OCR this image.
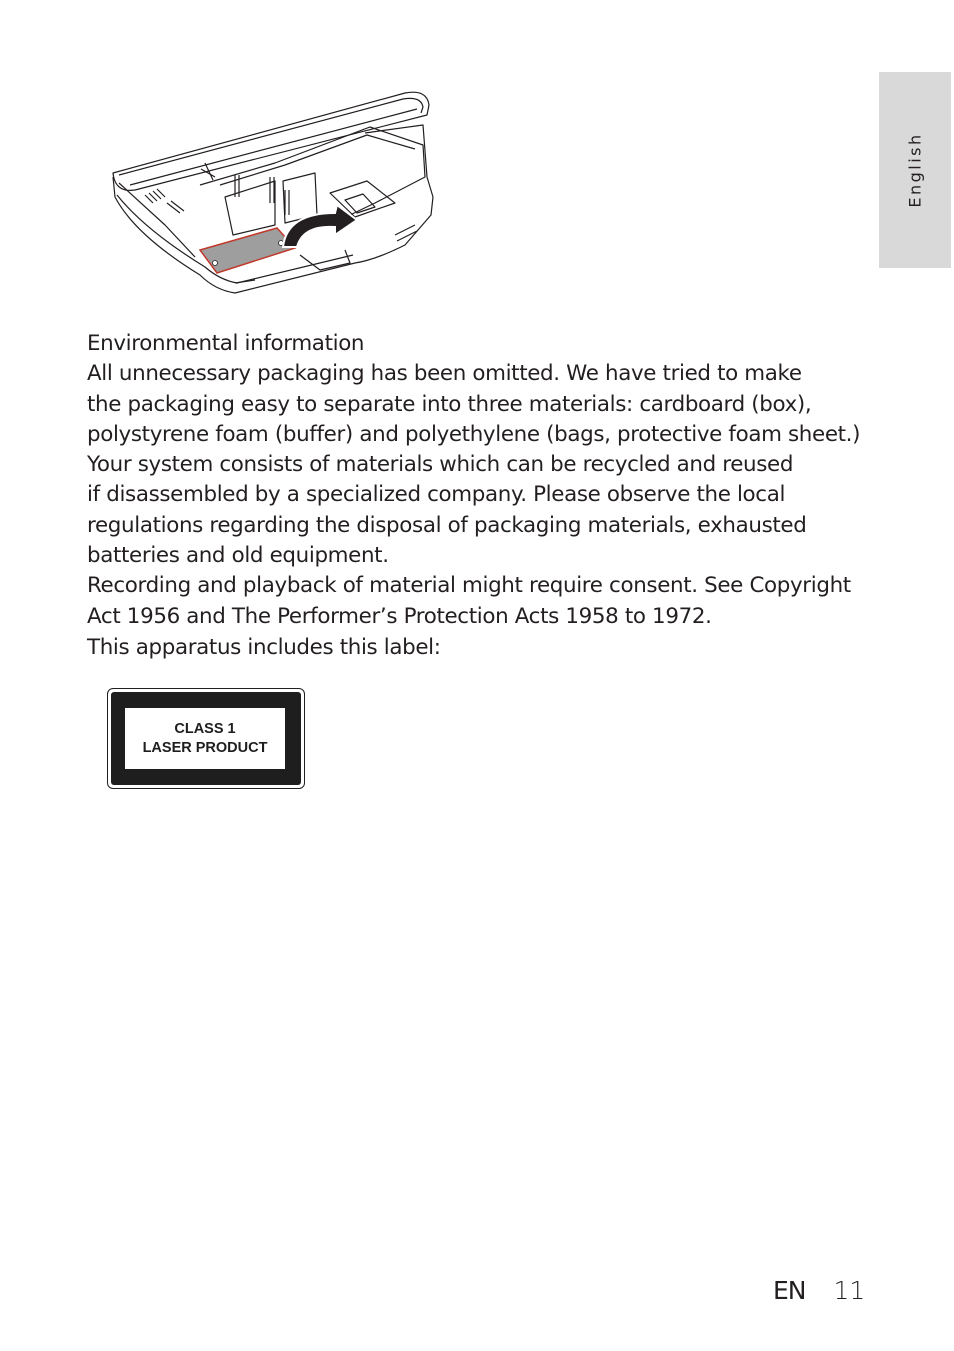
English

Environmental information

All unnecessary packaging has been omitted. We have tried to make

the packaging easy to separate into three materials: cardboard (box),

polystyrene foam (buffer) and polyethylene (bags, protective foam sheet.)

Your system consists of materials which can be recycled and reused

if disassembled by a specialized company. Please observe the local

regulations regarding the disposal of packaging materials, exhausted

batteries and old equipment.

Recording and playback of material might require consent. See Copyright

Act 1956 and The Performer’s Protection Acts 1958 to 1972.

This apparatus includes this label:

CLASS 1
LASER PRODUCT
EN 11
